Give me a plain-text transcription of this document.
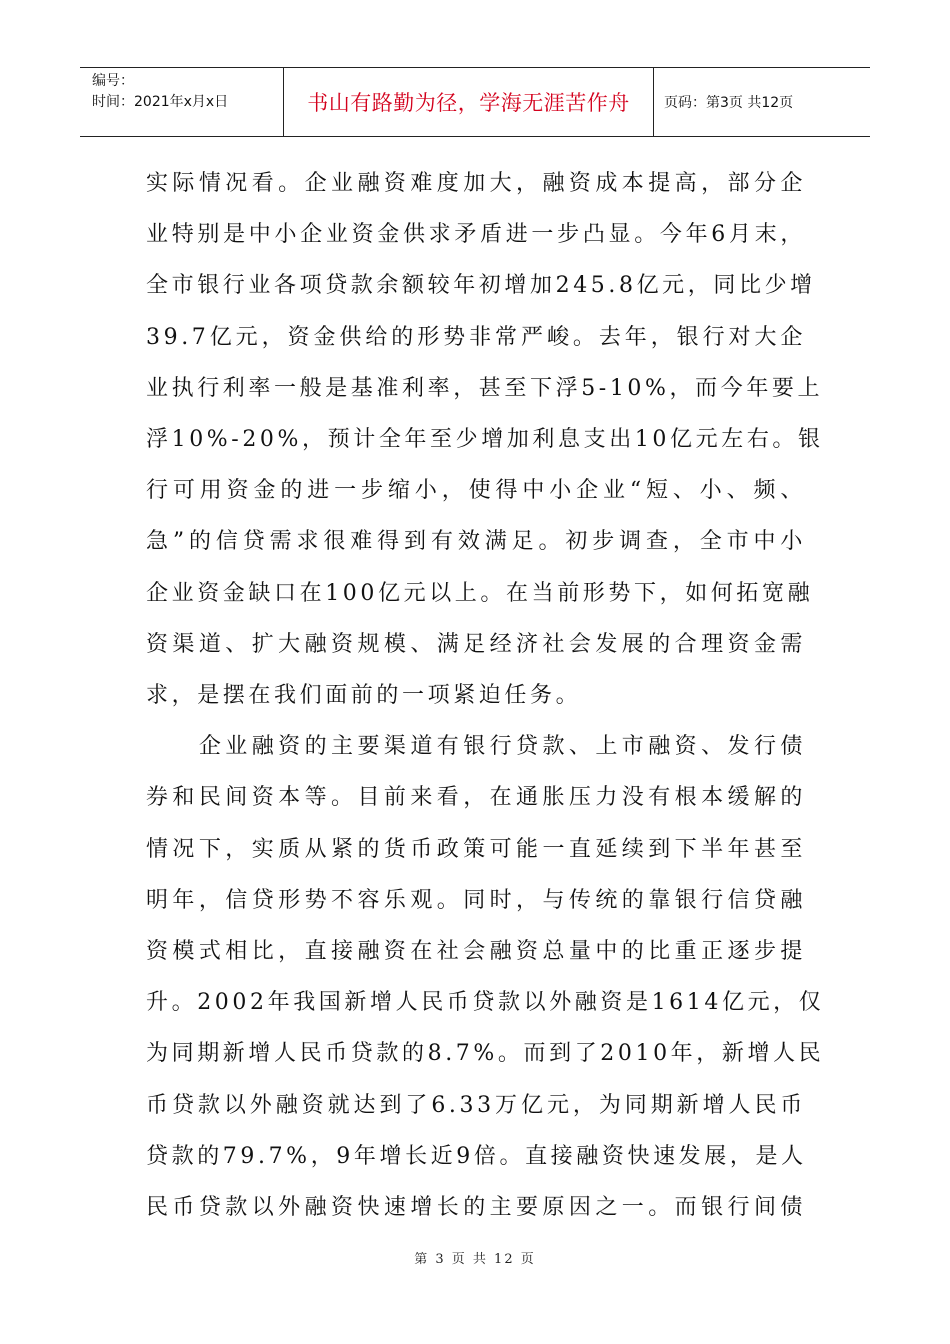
编号：
时间：2021年x月x日	书山有路勤为径，学海无涯苦作舟	页码：第3页 共12页
实际情况看。企业融资难度加大，融资成本提高，部分企
业特别是中小企业资金供求矛盾进一步凸显。今年6月末，
全市银行业各项贷款余额较年初增加245.8亿元，同比少增
39.7亿元，资金供给的形势非常严峻。去年，银行对大企
业执行利率一般是基准利率，甚至下浮5-10%，而今年要上
浮10%-20%，预计全年至少增加利息支出10亿元左右。银
行可用资金的进一步缩小，使得中小企业“短、小、频、
急”的信贷需求很难得到有效满足。初步调查，全市中小
企业资金缺口在100亿元以上。在当前形势下，如何拓宽融
资渠道、扩大融资规模、满足经济社会发展的合理资金需
求，是摆在我们面前的一项紧迫任务。
　　企业融资的主要渠道有银行贷款、上市融资、发行债
券和民间资本等。目前来看，在通胀压力没有根本缓解的
情况下，实质从紧的货币政策可能一直延续到下半年甚至
明年，信贷形势不容乐观。同时，与传统的靠银行信贷融
资模式相比，直接融资在社会融资总量中的比重正逐步提
升。2002年我国新增人民币贷款以外融资是1614亿元，仅
为同期新增人民币贷款的8.7%。而到了2010年，新增人民
币贷款以外融资就达到了6.33万亿元，为同期新增人民币
贷款的79.7%，9年增长近9倍。直接融资快速发展，是人
民币贷款以外融资快速增长的主要原因之一。而银行间债
第 3 页 共 12 页
